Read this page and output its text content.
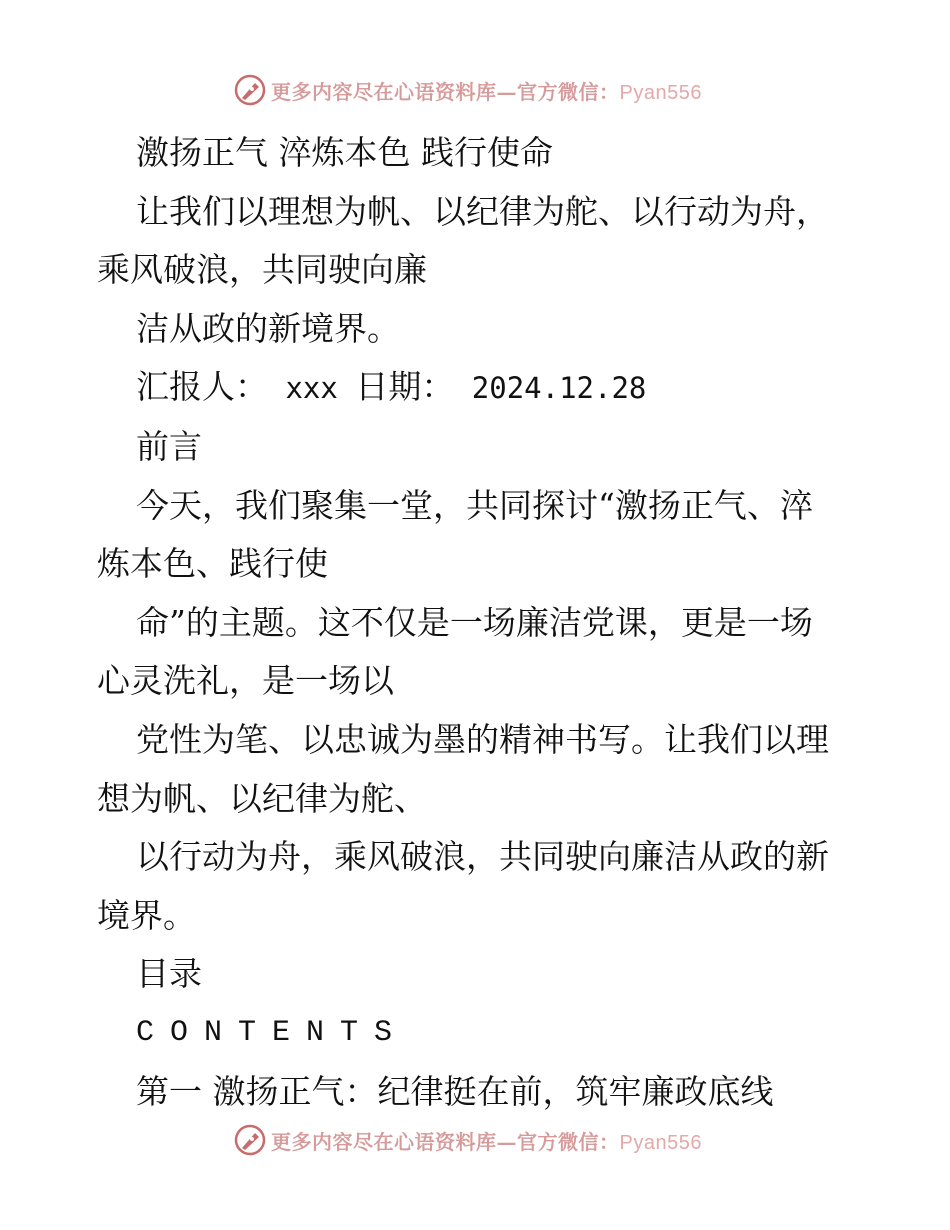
更多内容尽在心语资料库—官方微信：Pyan556

激扬正气 淬炼本色 践行使命

让我们以理想为帆、以纪律为舵、以行动为舟，

乘风破浪，共同驶向廉

洁从政的新境界。

汇报人： xxx 日期： 2024.12.28

前言

今天，我们聚集一堂，共同探讨“激扬正气、淬

炼本色、践行使

命”的主题。这不仅是一场廉洁党课，更是一场

心灵洗礼，是一场以

党性为笔、以忠诚为墨的精神书写。让我们以理

想为帆、以纪律为舵、

以行动为舟，乘风破浪，共同驶向廉洁从政的新

境界。

目录

CONTENTS

第一 激扬正气：纪律挺在前，筑牢廉政底线

更多内容尽在心语资料库—官方微信：Pyan556
